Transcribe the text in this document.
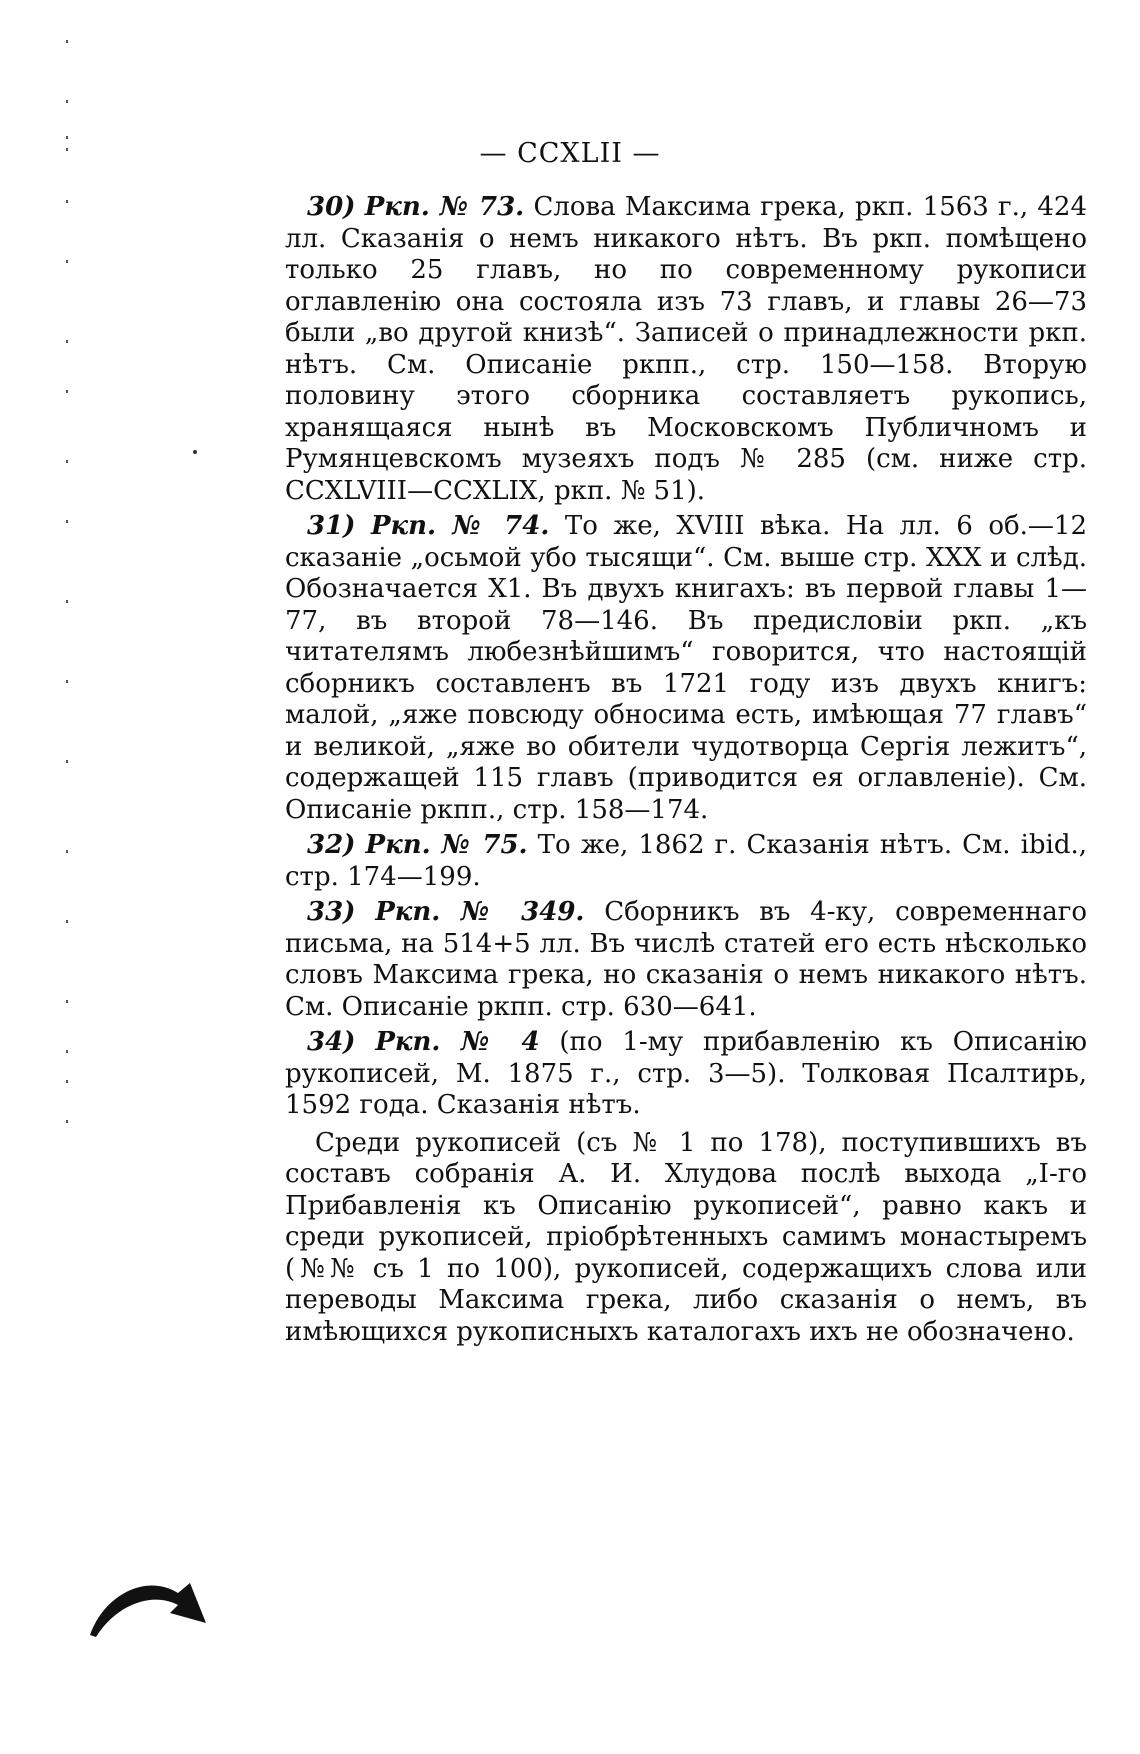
— CCXLII —

30) Ркп. № 73. Слова Максима грека, ркп. 1563 г., 424 лл. Сказанія о немъ никакого нѣтъ. Въ ркп. помѣщено только 25 главъ, но по современному рукописи оглавленію она состояла изъ 73 главъ, и главы 26—73 были „во другой книзѣ“. Записей о принадлежности ркп. нѣтъ. См. Описаніе ркпп., стр. 150—158. Вторую половину этого сборника составляетъ рукопись, хранящаяся нынѣ въ Московскомъ Публичномъ и Румянцевскомъ музеяхъ подъ № 285 (см. ниже стр. CCXLVIII—CCXLIX, ркп. № 51).

31) Ркп. № 74. То же, XVIII вѣка. На лл. 6 об.—12 сказаніе „осьмой убо тысящи“. См. выше стр. XXX и слѣд. Обозначается X1. Въ двухъ книгахъ: въ первой главы 1—77, въ второй 78—146. Въ предисловіи ркп. „къ читателямъ любезнѣйшимъ“ говорится, что настоящій сборникъ составленъ въ 1721 году изъ двухъ книгъ: малой, „яже повсюду обносима есть, имѣющая 77 главъ“ и великой, „яже во обители чудотворца Сергія лежитъ“, содержащей 115 главъ (приводится ея оглавленіе). См. Описаніе ркпп., стр. 158—174.

32) Ркп. № 75. То же, 1862 г. Сказанія нѣтъ. См. ibid., стр. 174—199.

33) Ркп. № 349. Сборникъ въ 4-ку, современнаго письма, на 514+5 лл. Въ числѣ статей его есть нѣсколько словъ Максима грека, но сказанія о немъ никакого нѣтъ. См. Описаніе ркпп. стр. 630—641.

34) Ркп. № 4 (по 1-му прибавленію къ Описанію рукописей, М. 1875 г., стр. 3—5). Толковая Псалтирь, 1592 года. Сказанія нѣтъ.

Среди рукописей (съ № 1 по 178), поступившихъ въ составъ собранія А. И. Хлудова послѣ выхода „I-го Прибавленія къ Описанію рукописей“, равно какъ и среди рукописей, пріобрѣтенныхъ самимъ монастыремъ (№№ съ 1 по 100), рукописей, содержащихъ слова или переводы Максима грека, либо сказанія о немъ, въ имѣющихся рукописныхъ каталогахъ ихъ не обозначено.
